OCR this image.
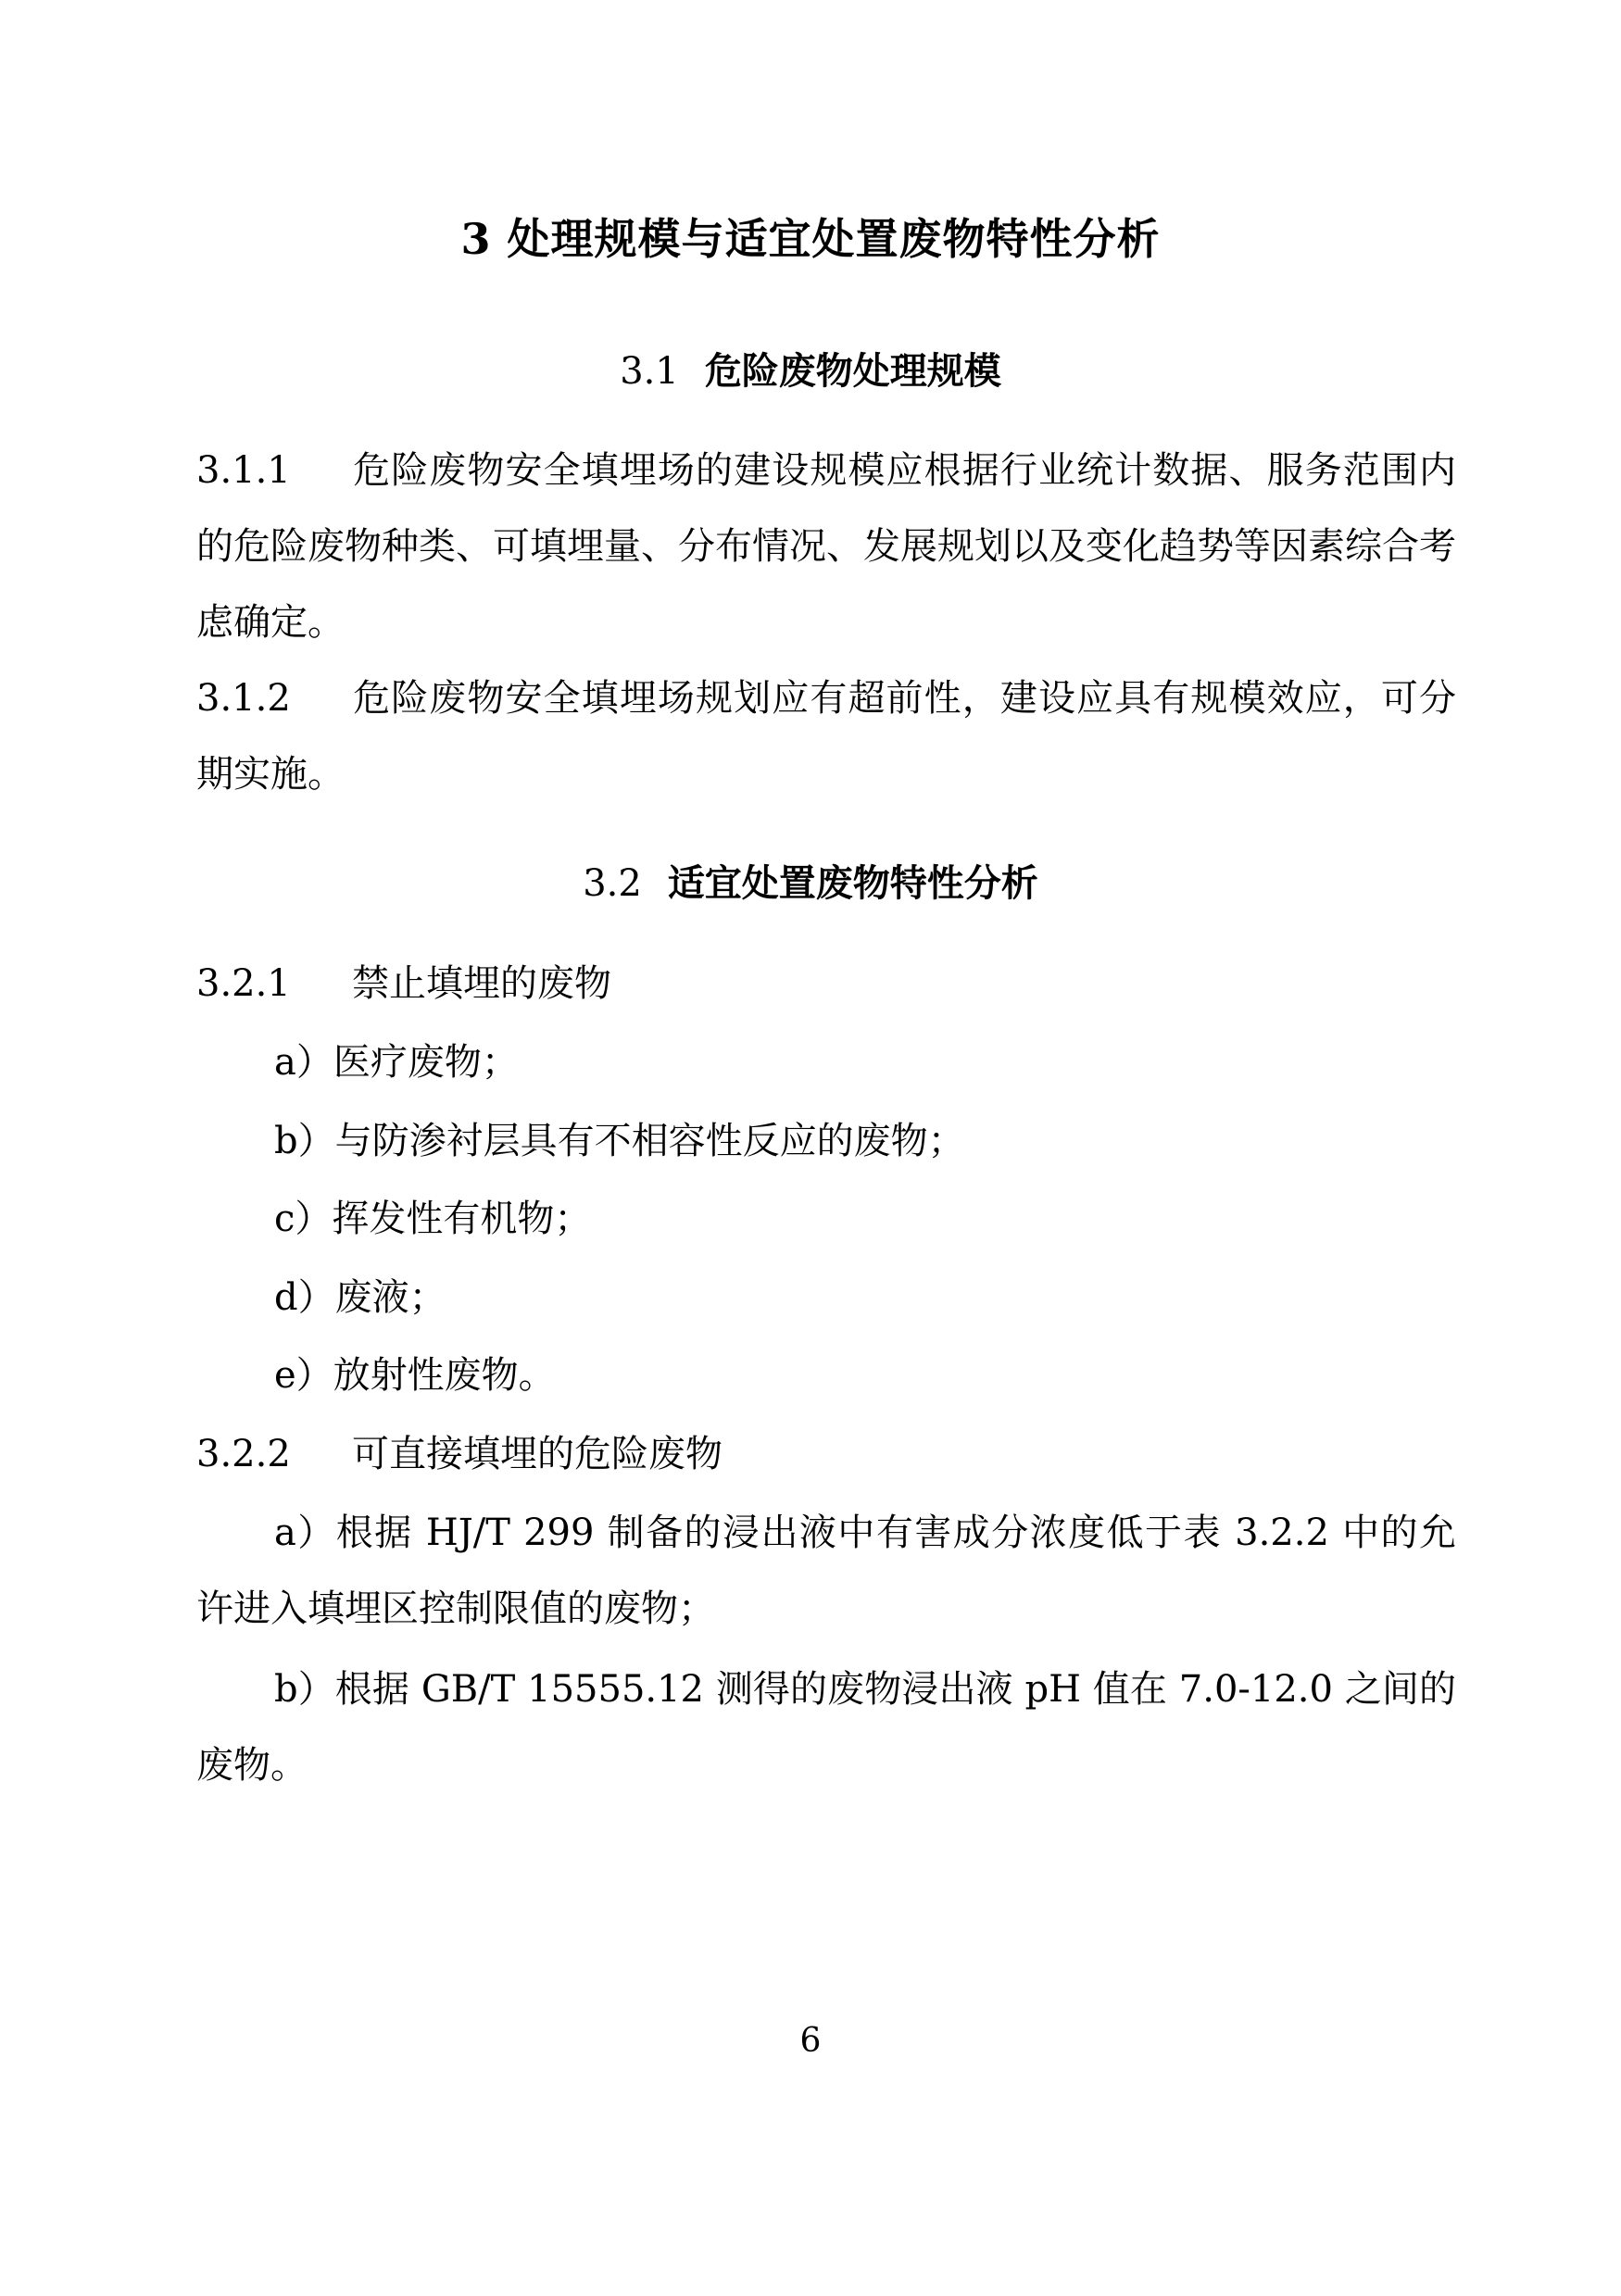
3 处理规模与适宜处置废物特性分析
3.1 危险废物处理规模
3.1.1 危险废物安全填埋场的建设规模应根据行业统计数据、服务范围内的危险废物种类、可填埋量、分布情况、发展规划以及变化趋势等因素综合考虑确定。
3.1.2 危险废物安全填埋场规划应有超前性，建设应具有规模效应，可分期实施。
3.2 适宜处置废物特性分析
3.2.1 禁止填埋的废物
a）医疗废物；
b）与防渗衬层具有不相容性反应的废物；
c）挥发性有机物；
d）废液；
e）放射性废物。
3.2.2 可直接填埋的危险废物
a）根据 HJ/T 299 制备的浸出液中有害成分浓度低于表 3.2.2 中的允许进入填埋区控制限值的废物；
b）根据 GB/T 15555.12 测得的废物浸出液 pH 值在 7.0-12.0 之间的废物。
6
